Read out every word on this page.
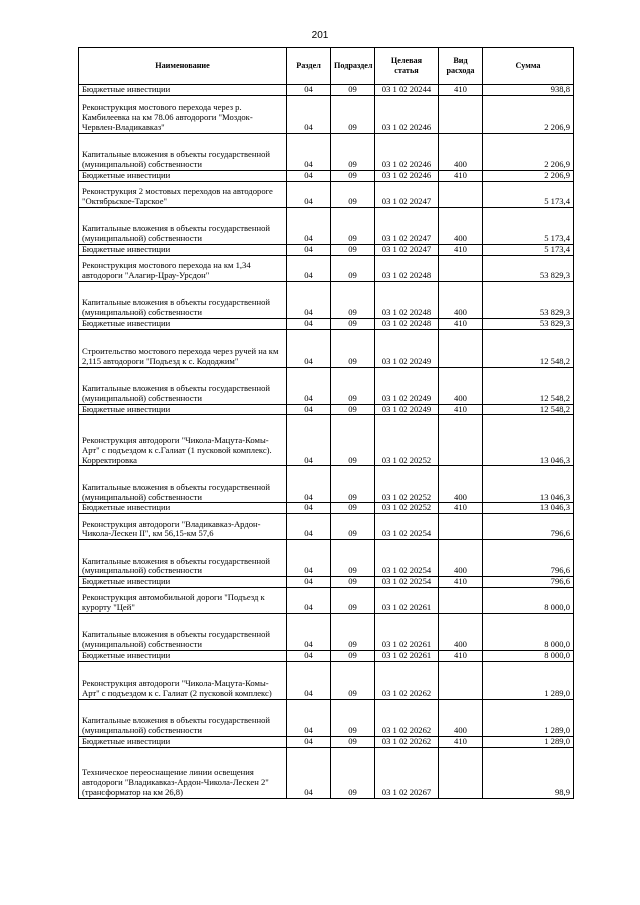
201
Наименование	Раздел	Подраздел	Целевая статья	Вид расхода	Сумма
Бюджетные инвестиции	04	09	03 1 02 20244	410	938,8
Реконструкция мостового перехода через р. Камбилеевка на км 78.06 автодороги "Моздок-Червлен-Владикавказ"	04	09	03 1 02 20246		2 206,9
Капитальные вложения в объекты государственной (муниципальной) собственности	04	09	03 1 02 20246	400	2 206,9
Бюджетные инвестиции	04	09	03 1 02 20246	410	2 206,9
Реконструкция 2 мостовых переходов на автодороге "Октябрьское-Тарское"	04	09	03 1 02 20247		5 173,4
Капитальные вложения в объекты государственной (муниципальной) собственности	04	09	03 1 02 20247	400	5 173,4
Бюджетные инвестиции	04	09	03 1 02 20247	410	5 173,4
Реконструкция мостового перехода на км 1,34 автодороги "Алагир-Црау-Урсдон"	04	09	03 1 02 20248		53 829,3
Капитальные вложения в объекты государственной (муниципальной) собственности	04	09	03 1 02 20248	400	53 829,3
Бюджетные инвестиции	04	09	03 1 02 20248	410	53 829,3
Строительство мостового перехода через ручей на км 2,115 автодороги "Подъезд к с. Кододжим"	04	09	03 1 02 20249		12 548,2
Капитальные вложения в объекты государственной (муниципальной) собственности	04	09	03 1 02 20249	400	12 548,2
Бюджетные инвестиции	04	09	03 1 02 20249	410	12 548,2
Реконструкция автодороги "Чикола-Мацута-Комы-Арт" с подъездом к с.Галиат (1 пусковой комплекс). Корректировка	04	09	03 1 02 20252		13 046,3
Капитальные вложения в объекты государственной (муниципальной) собственности	04	09	03 1 02 20252	400	13 046,3
Бюджетные инвестиции	04	09	03 1 02 20252	410	13 046,3
Реконструкция автодороги "Владикавказ-Ардон-Чикола-Лескен II", км 56,15-км 57,6	04	09	03 1 02 20254		796,6
Капитальные вложения в объекты государственной (муниципальной) собственности	04	09	03 1 02 20254	400	796,6
Бюджетные инвестиции	04	09	03 1 02 20254	410	796,6
Реконструкция автомобильной дороги "Подъезд к курорту "Цей"	04	09	03 1 02 20261		8 000,0
Капитальные вложения в объекты государственной (муниципальной) собственности	04	09	03 1 02 20261	400	8 000,0
Бюджетные инвестиции	04	09	03 1 02 20261	410	8 000,0
Реконструкция автодороги "Чикола-Мацута-Комы-Арт" с подъездом к с. Галиат (2 пусковой комплекс)	04	09	03 1 02 20262		1 289,0
Капитальные вложения в объекты государственной (муниципальной) собственности	04	09	03 1 02 20262	400	1 289,0
Бюджетные инвестиции	04	09	03 1 02 20262	410	1 289,0
Техническое переоснащение линии освещения автодороги "Владикавказ-Ардон-Чикола-Лескен 2" (трансформатор на км 26,8)	04	09	03 1 02 20267		98,9
